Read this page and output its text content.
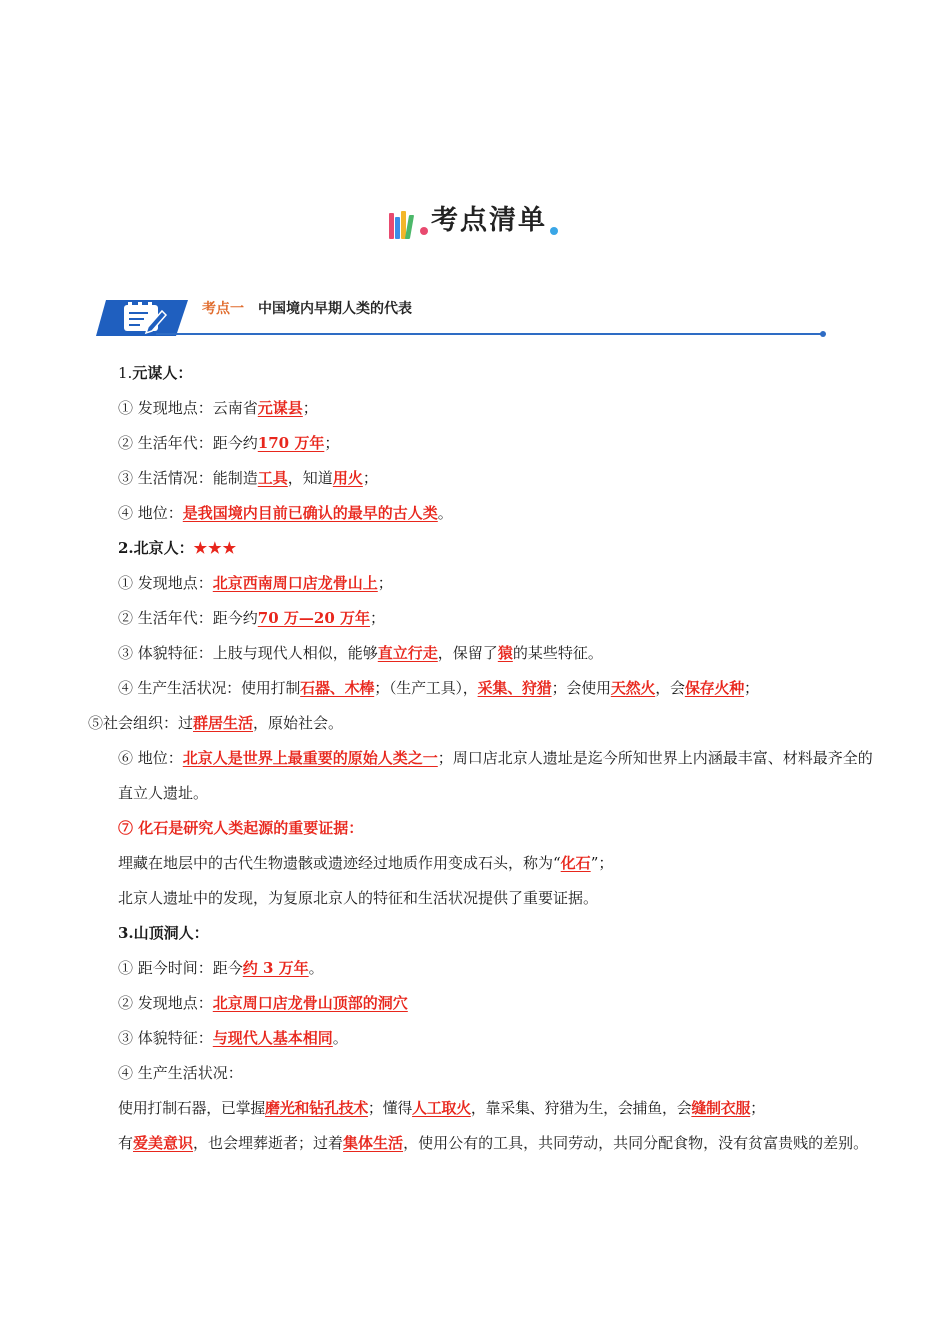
考点清单
考点一 中国境内早期人类的代表
1.元谋人：
① 发现地点：云南省元谋县；
② 生活年代：距今约170 万年；
③ 生活情况：能制造工具，知道用火；
④ 地位：是我国境内目前已确认的最早的古人类。
2.北京人：★★★
① 发现地点：北京西南周口店龙骨山上；
② 生活年代：距今约70 万—20 万年；
③ 体貌特征：上肢与现代人相似，能够直立行走，保留了猿的某些特征。
④ 生产生活状况：使用打制石器、木棒；（生产工具），采集、狩猎；会使用天然火，会保存火种；
⑤社会组织：过群居生活，原始社会。
⑥ 地位：北京人是世界上最重要的原始人类之一；周口店北京人遗址是迄今所知世界上内涵最丰富、材料最齐全的直立人遗址。
⑦ 化石是研究人类起源的重要证据：
埋藏在地层中的古代生物遗骸或遗迹经过地质作用变成石头，称为“化石”；
北京人遗址中的发现，为复原北京人的特征和生活状况提供了重要证据。
3.山顶洞人：
① 距今时间：距今约 3 万年。
② 发现地点：北京周口店龙骨山顶部的洞穴
③ 体貌特征：与现代人基本相同。
④ 生产生活状况：
使用打制石器，已掌握磨光和钻孔技术；懂得人工取火，靠采集、狩猎为生，会捕鱼，会缝制衣服；
有爱美意识，也会埋葬逝者；过着集体生活，使用公有的工具，共同劳动，共同分配食物，没有贫富贵贱的差别。
